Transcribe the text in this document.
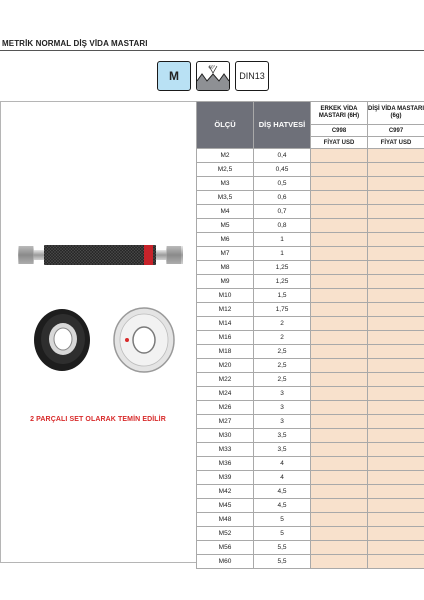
METRİK NORMAL DİŞ VİDA MASTARI
M
60°
DIN13
2 PARÇALI SET OLARAK TEMİN EDİLİR
ÖLÇÜ	DİŞ HATVESİ	ERKEK VİDA MASTARI (6H)	DİŞİ VİDA MASTARI (6g)
		C998	C997
		FİYAT USD	FİYAT USD
M2	0,4		
M2,5	0,45		
M3	0,5		
M3,5	0,6		
M4	0,7		
M5	0,8		
M6	1		
M7	1		
M8	1,25		
M9	1,25		
M10	1,5		
M12	1,75		
M14	2		
M16	2		
M18	2,5		
M20	2,5		
M22	2,5		
M24	3		
M26	3		
M27	3		
M30	3,5		
M33	3,5		
M36	4		
M39	4		
M42	4,5		
M45	4,5		
M48	5		
M52	5		
M56	5,5		
M60	5,5		
